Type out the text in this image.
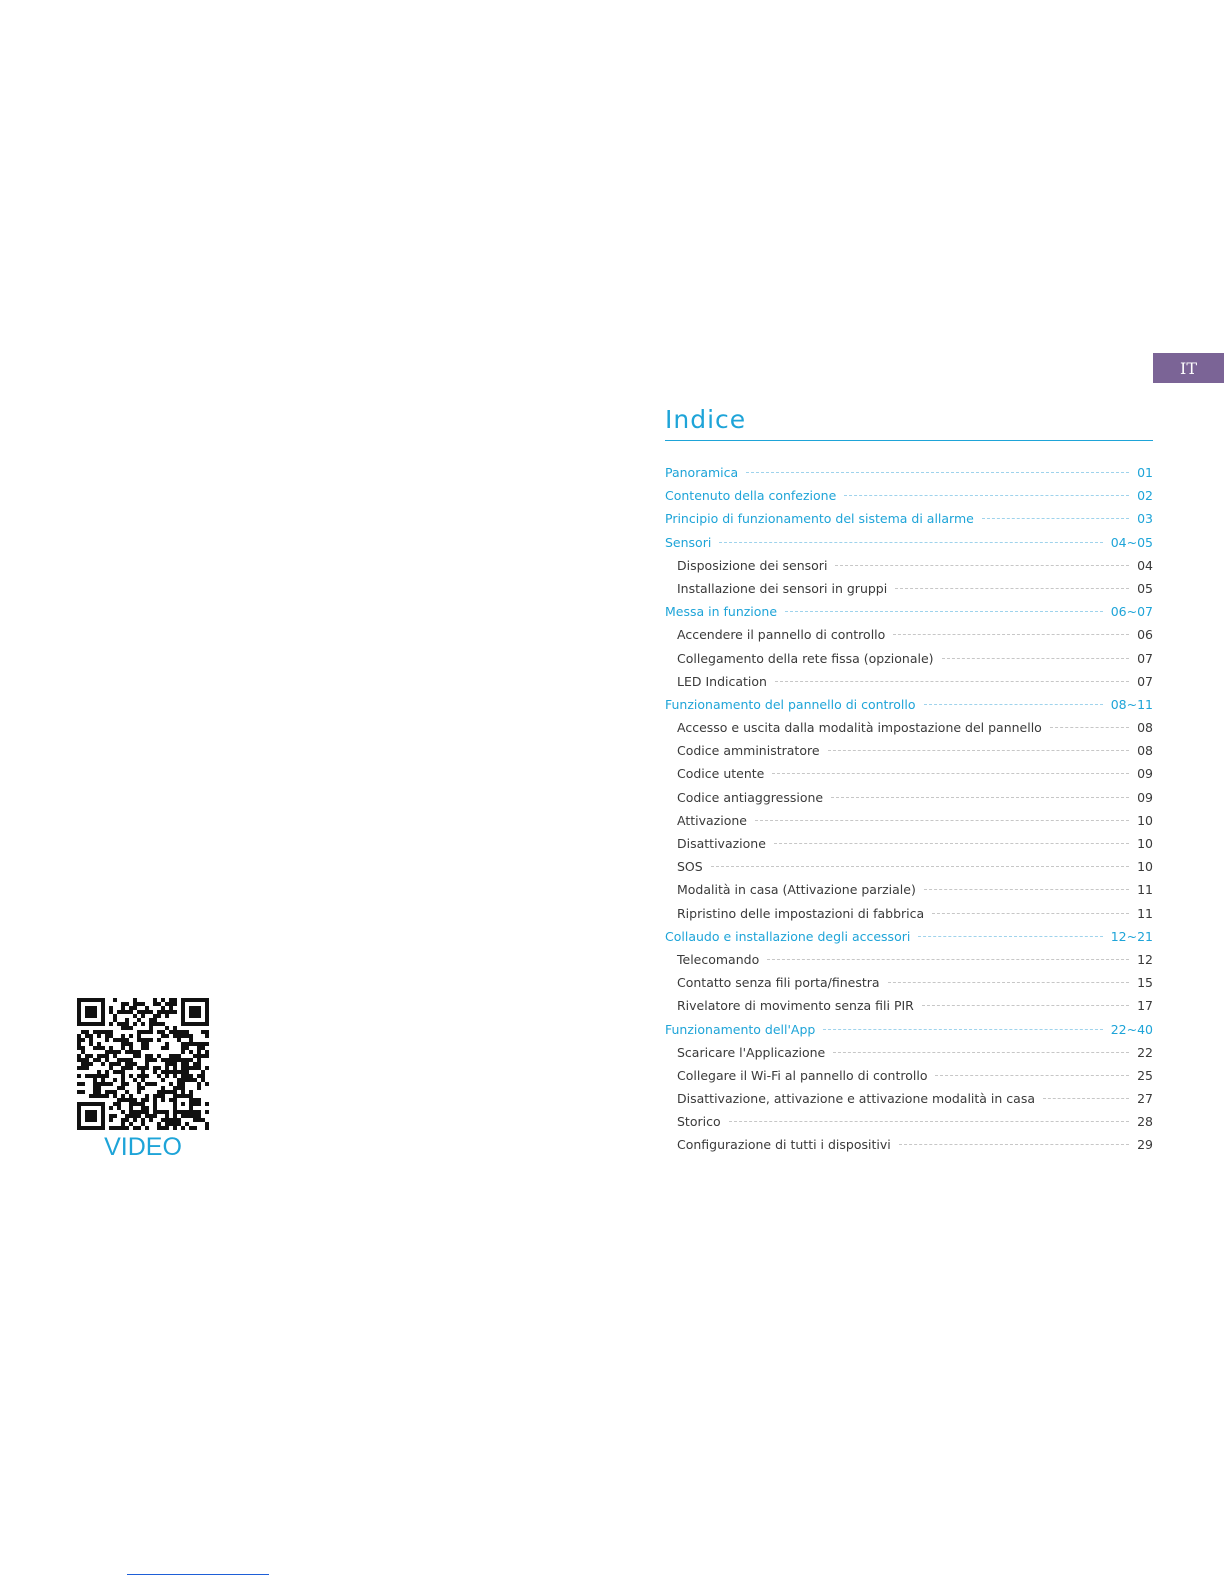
IT
Indice
Panoramica	01
Contenuto della confezione	02
Principio di funzionamento del sistema di allarme	03
Sensori	04~05
Disposizione dei sensori	04
Installazione dei sensori in gruppi	05
Messa in funzione	06~07
Accendere il pannello di controllo	06
Collegamento della rete fissa (opzionale)	07
LED Indication	07
Funzionamento del pannello di controllo	08~11
Accesso e uscita dalla modalità impostazione del pannello	08
Codice amministratore	08
Codice utente	09
Codice antiaggressione	09
Attivazione	10
Disattivazione	10
SOS	10
Modalità in casa (Attivazione parziale)	11
Ripristino delle impostazioni di fabbrica	11
Collaudo e installazione degli accessori	12~21
Telecomando	12
Contatto senza fili porta/finestra	15
Rivelatore di movimento senza fili PIR	17
Funzionamento dell'App	22~40
Scaricare l'Applicazione	22
Collegare il Wi-Fi al pannello di controllo	25
Disattivazione, attivazione e attivazione modalità in casa	27
Storico	28
Configurazione di tutti i dispositivi	29
VIDEO
